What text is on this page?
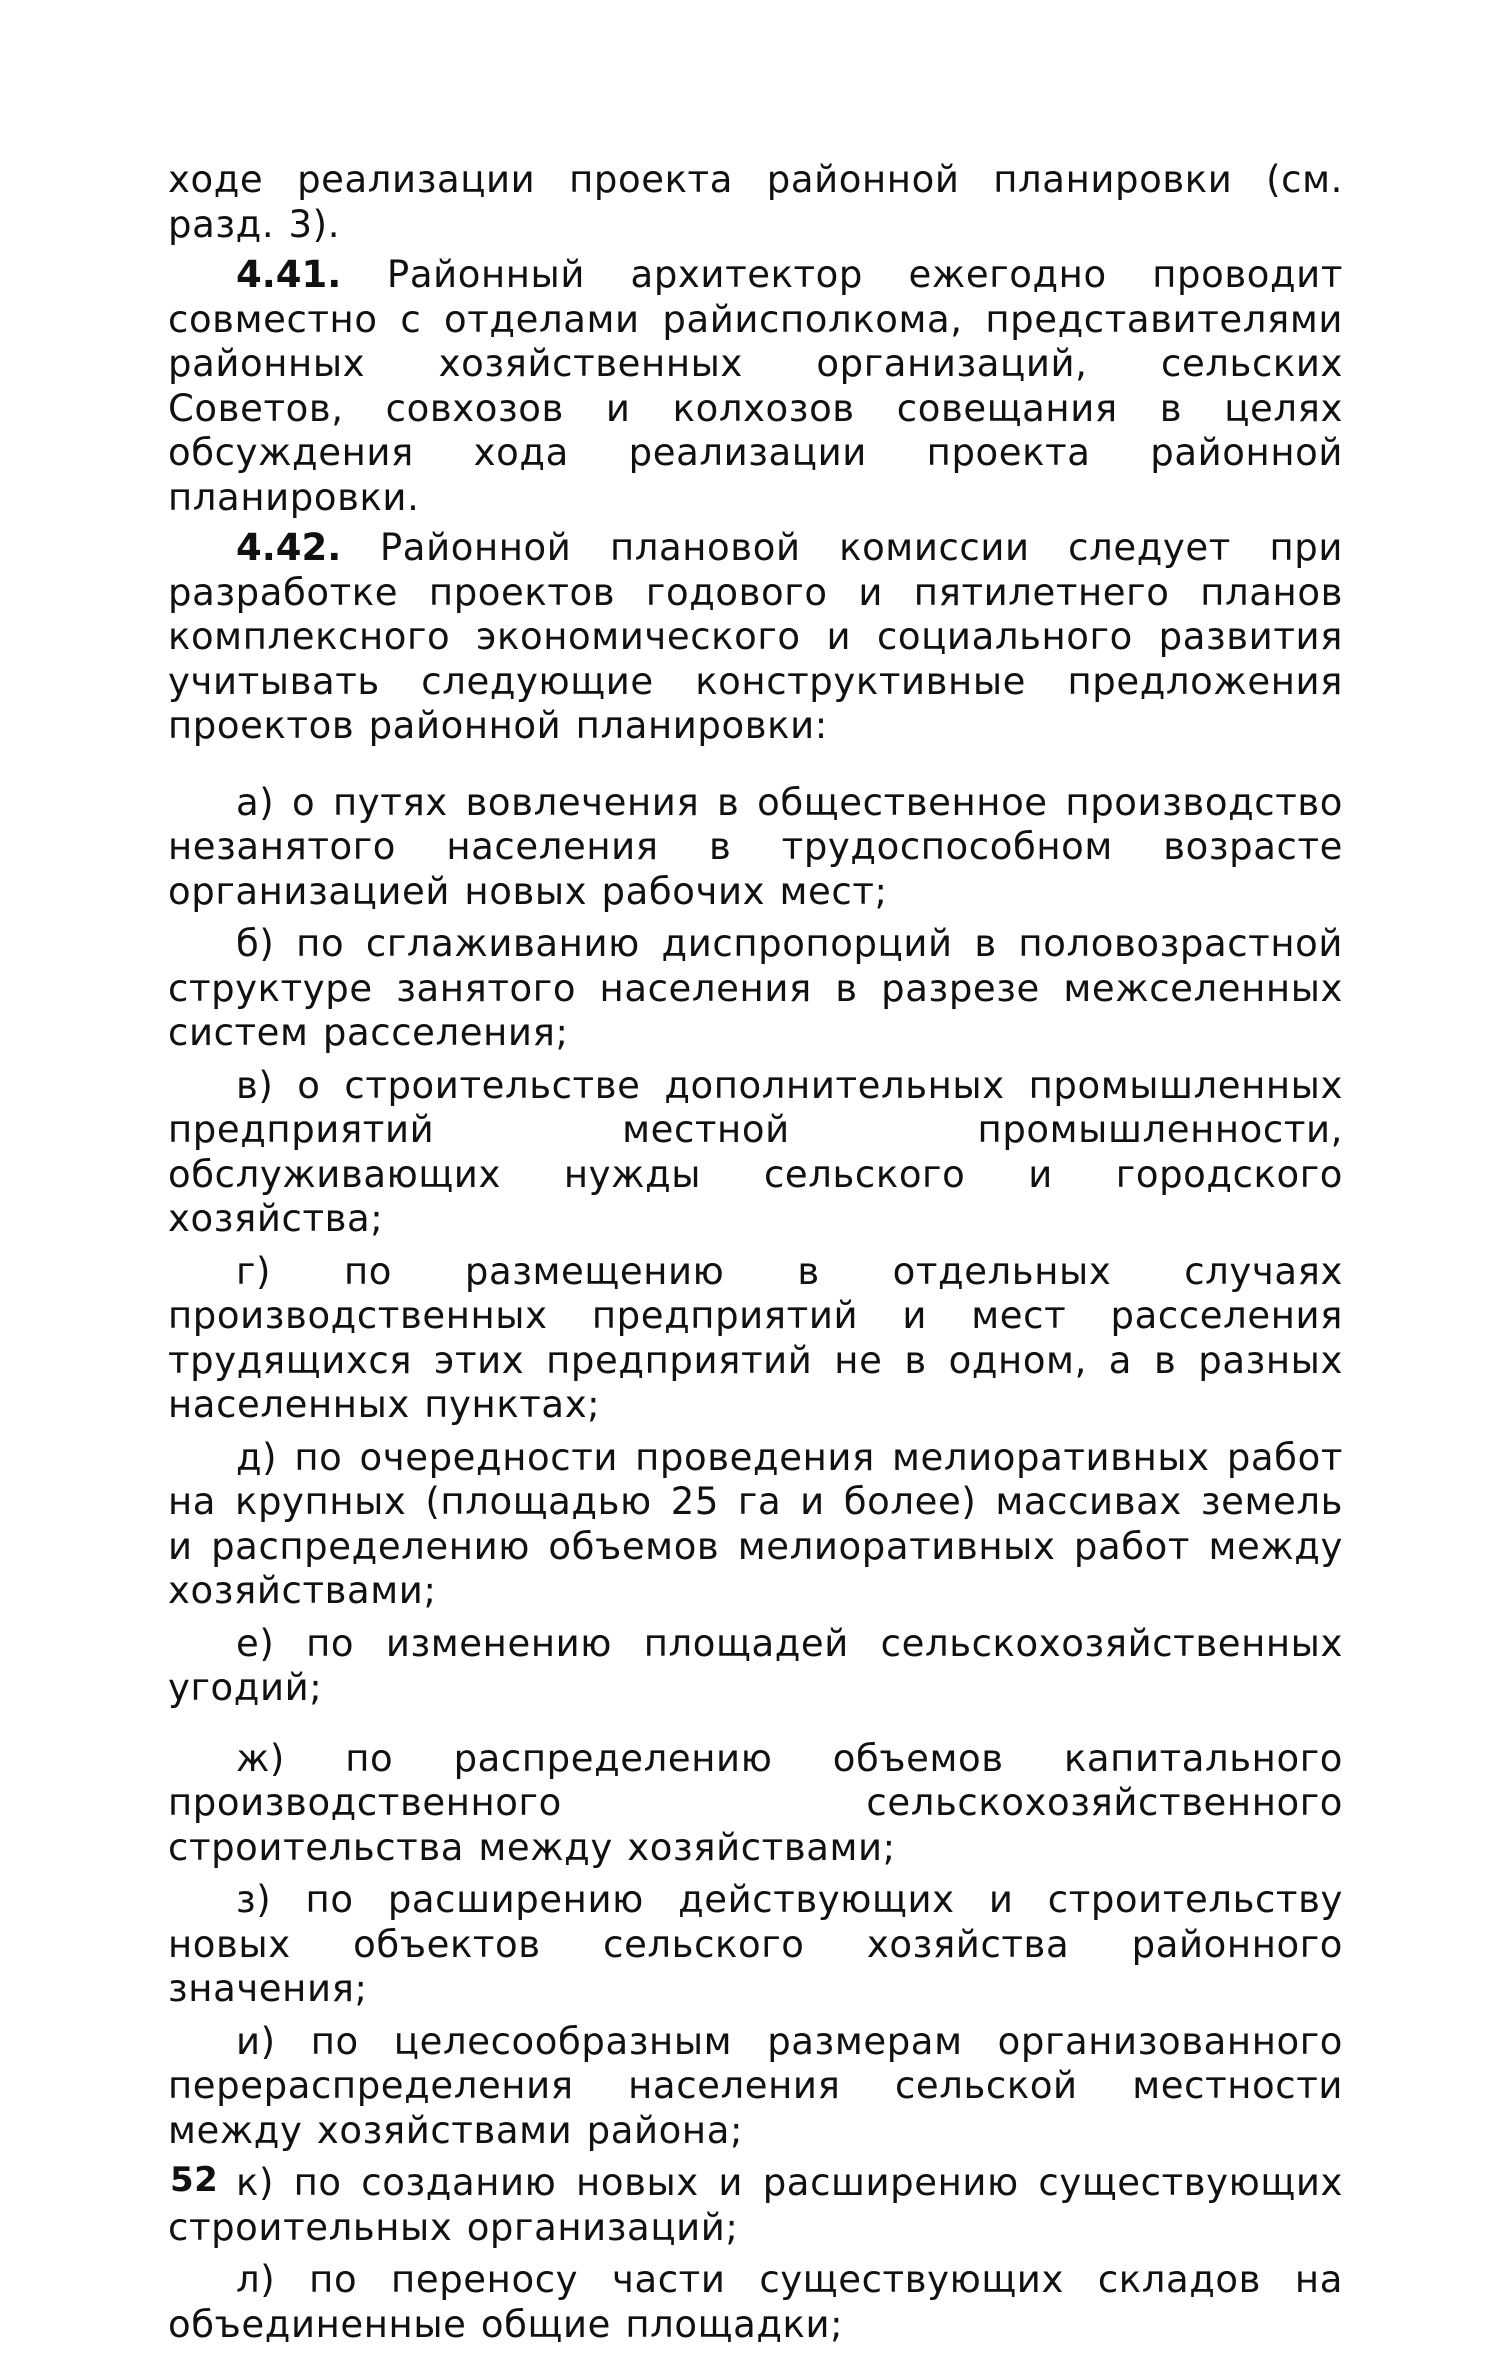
ходе реализации проекта районной планировки (см. разд. 3).

4.41. Районный архитектор ежегодно проводит совместно с отделами райисполкома, представителями районных хозяйственных организаций, сельских Советов, совхозов и колхозов совещания в целях обсуждения хода реализации проекта районной планировки.

4.42. Районной плановой комиссии следует при разработке проектов годового и пятилетнего планов комплексного экономического и социального развития учитывать следующие конструктивные предложения проектов районной планировки:

а) о путях вовлечения в общественное производство незанятого населения в трудоспособном возрасте организацией новых рабочих мест;

б) по сглаживанию диспропорций в половозрастной структуре занятого населения в разрезе межселенных систем расселения;

в) о строительстве дополнительных промышленных предприятий местной промышленности, обслуживающих нужды сельского и городского хозяйства;

г) по размещению в отдельных случаях производственных предприятий и мест расселения трудящихся этих предприятий не в одном, а в разных населенных пунктах;

д) по очередности проведения мелиоративных работ на крупных (площадью 25 га и более) массивах земель и распределению объемов мелиоративных работ между хозяйствами;

е) по изменению площадей сельскохозяйственных угодий;

ж) по распределению объемов капитального производственного сельскохозяйственного строительства между хозяйствами;

з) по расширению действующих и строительству новых объектов сельского хозяйства районного значения;

и) по целесообразным размерам организованного перераспределения населения сельской местности между хозяйствами района;

к) по созданию новых и расширению существующих строительных организаций;

л) по переносу части существующих складов на объединенные общие площадки;

52
